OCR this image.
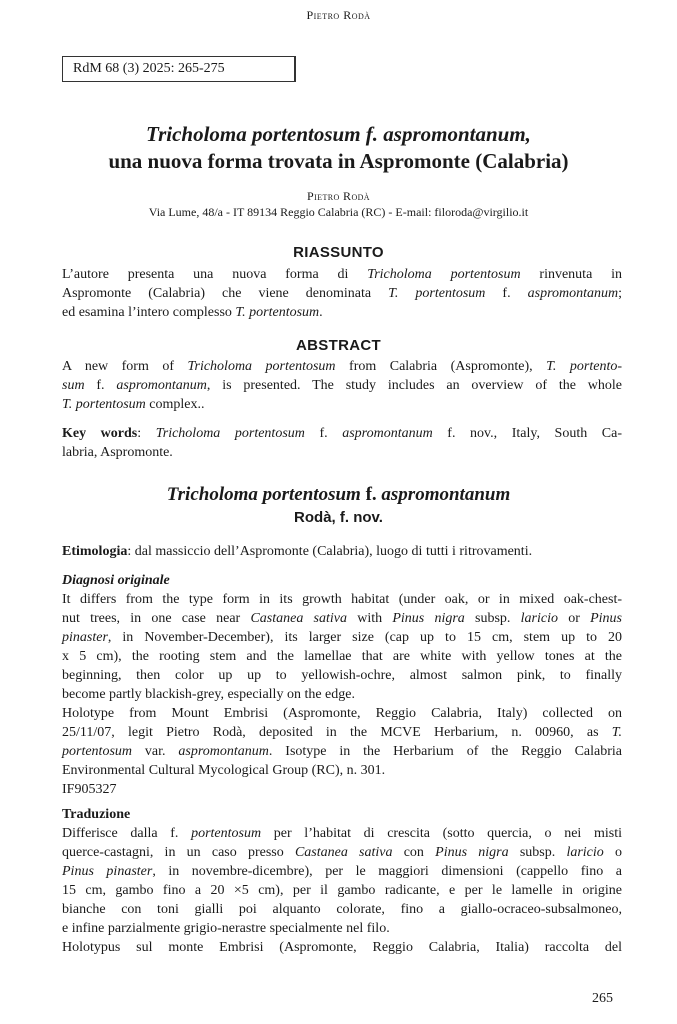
Pietro Rodà
RdM 68 (3) 2025: 265-275
Tricholoma portentosum f. aspromontanum,
una nuova forma trovata in Aspromonte (Calabria)
Pietro Rodà
Via Lume, 48/a - IT 89134 Reggio Calabria (RC) - E-mail: filoroda@virgilio.it
RIASSUNTO
L’autore presenta una nuova forma di Tricholoma portentosum rinvenuta in
Aspromonte (Calabria) che viene denominata T. portentosum f. aspromontanum;
ed esamina l’intero complesso T. portentosum.
ABSTRACT
A new form of Tricholoma portentosum from Calabria (Aspromonte), T. portento-
sum f. aspromontanum, is presented. The study includes an overview of the whole
T. portentosum complex..
Key words: Tricholoma portentosum f. aspromontanum f. nov., Italy, South Ca-
labria, Aspromonte.
Tricholoma portentosum f. aspromontanum
Rodà, f. nov.
Etimologia: dal massiccio dell’Aspromonte (Calabria), luogo di tutti i ritrovamenti.
Diagnosi originale
It differs from the type form in its growth habitat (under oak, or in mixed oak-chest-
nut trees, in one case near Castanea sativa with Pinus nigra subsp. laricio or Pinus
pinaster, in November-December), its larger size (cap up to 15 cm, stem up to 20
x 5 cm), the rooting stem and the lamellae that are white with yellow tones at the
beginning, then color up up to yellowish-ochre, almost salmon pink, to finally
become partly blackish-grey, especially on the edge.
Holotype from Mount Embrisi (Aspromonte, Reggio Calabria, Italy) collected on
25/11/07, legit Pietro Rodà, deposited in the MCVE Herbarium, n. 00960, as T.
portentosum var. aspromontanum. Isotype in the Herbarium of the Reggio Calabria
Environmental Cultural Mycological Group (RC), n. 301.
IF905327
Traduzione
Differisce dalla f. portentosum per l’habitat di crescita (sotto quercia, o nei misti
querce-castagni, in un caso presso Castanea sativa con Pinus nigra subsp. laricio o
Pinus pinaster, in novembre-dicembre), per le maggiori dimensioni (cappello fino a
15 cm, gambo fino a 20 ×5 cm), per il gambo radicante, e per le lamelle in origine
bianche con toni gialli poi alquanto colorate, fino a giallo-ocraceo-subsalmoneo,
e infine parzialmente grigio-nerastre specialmente nel filo.
Holotypus sul monte Embrisi (Aspromonte, Reggio Calabria, Italia) raccolta del
265
